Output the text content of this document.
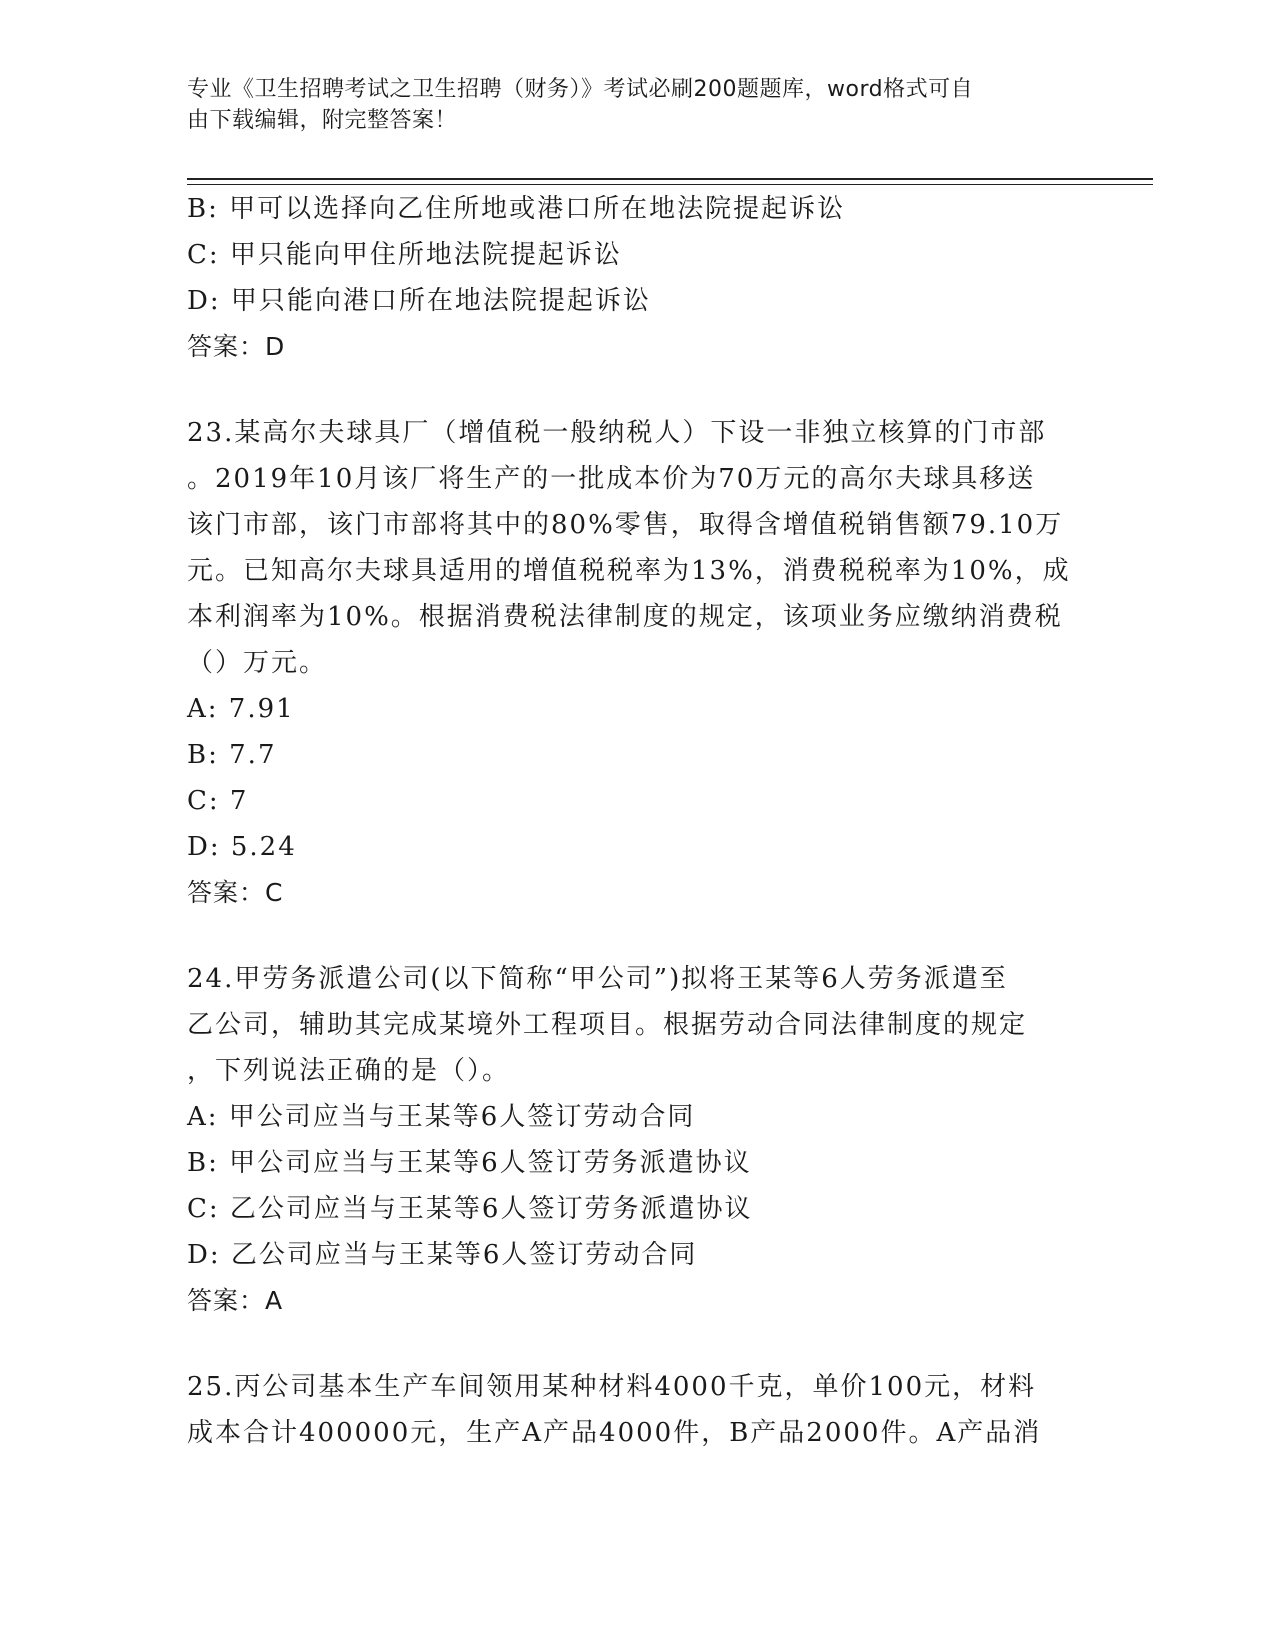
专业《卫生招聘考试之卫生招聘（财务）》考试必刷200题题库，word格式可自
由下载编辑，附完整答案！
B: 甲可以选择向乙住所地或港口所在地法院提起诉讼
C: 甲只能向甲住所地法院提起诉讼
D: 甲只能向港口所在地法院提起诉讼
答案：D
23.某高尔夫球具厂（增值税一般纳税人）下设一非独立核算的门市部
。2019年10月该厂将生产的一批成本价为70万元的高尔夫球具移送
该门市部，该门市部将其中的80%零售，取得含增值税销售额79.10万
元。已知高尔夫球具适用的增值税税率为13%，消费税税率为10%，成
本利润率为10%。根据消费税法律制度的规定，该项业务应缴纳消费税
（）万元。
A: 7.91
B: 7.7
C: 7
D: 5.24
答案：C
24.甲劳务派遣公司(以下简称“甲公司”)拟将王某等6人劳务派遣至
乙公司，辅助其完成某境外工程项目。根据劳动合同法律制度的规定
，下列说法正确的是（）。
A: 甲公司应当与王某等6人签订劳动合同
B: 甲公司应当与王某等6人签订劳务派遣协议
C: 乙公司应当与王某等6人签订劳务派遣协议
D: 乙公司应当与王某等6人签订劳动合同
答案：A
25.丙公司基本生产车间领用某种材料4000千克，单价100元，材料
成本合计400000元，生产A产品4000件，B产品2000件。A产品消
